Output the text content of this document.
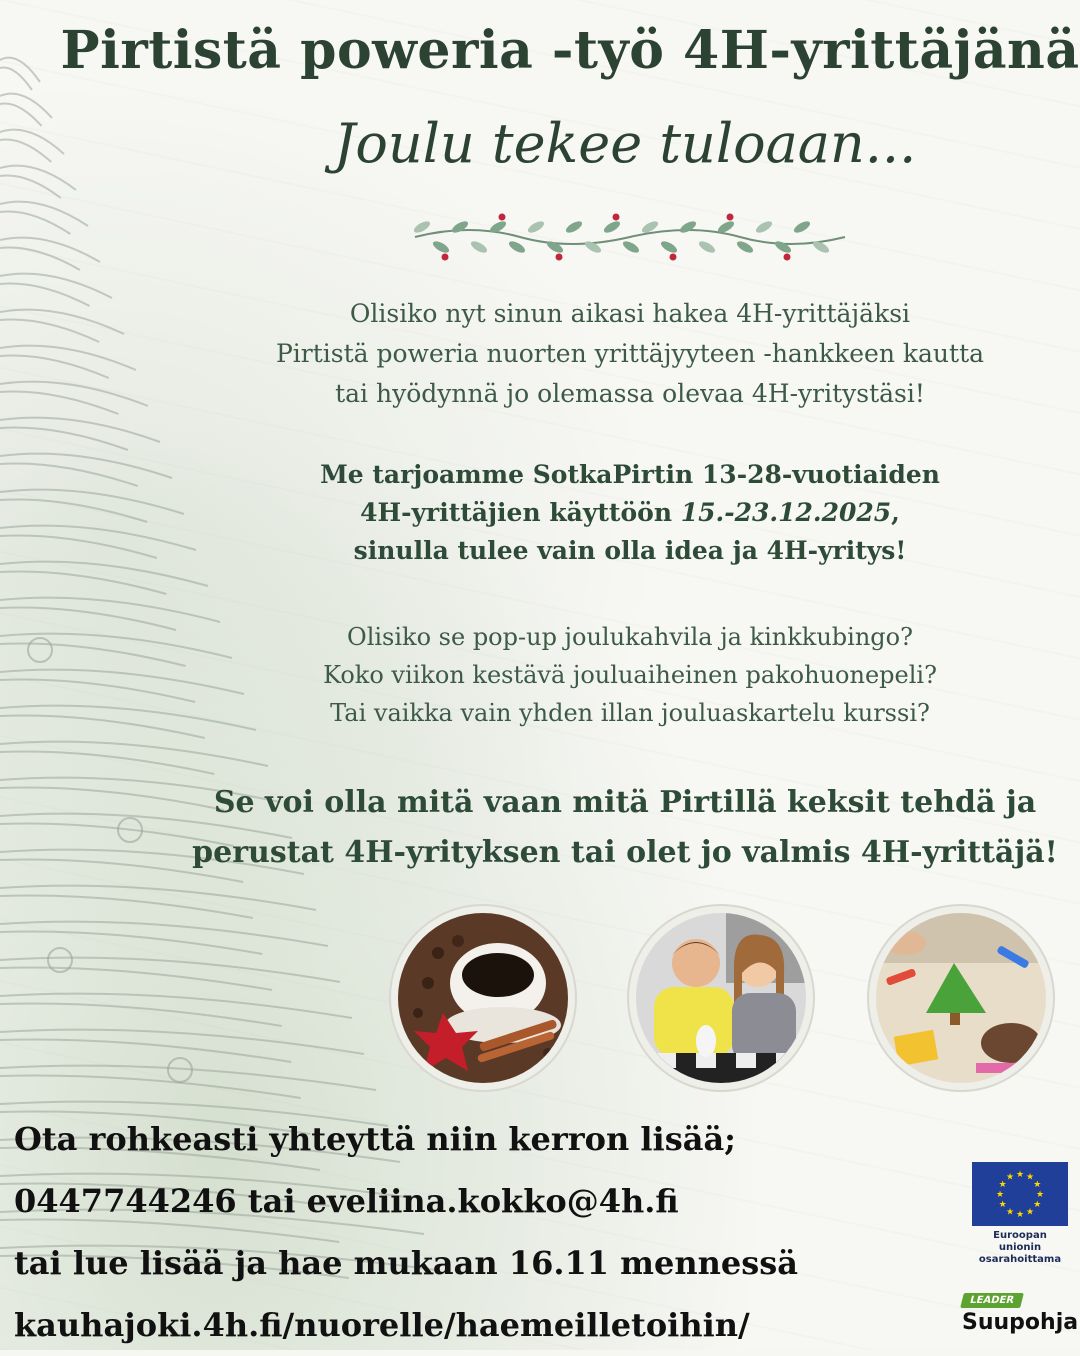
Pirtistä poweria -työ 4H-yrittäjänä
Joulu tekee tuloaan...
Olisiko nyt sinun aikasi hakea 4H-yrittäjäksi
Pirtistä poweria nuorten yrittäjyyteen -hankkeen kautta
tai hyödynnä jo olemassa olevaa 4H-yritystäsi!
Me tarjoamme SotkaPirtin 13-28-vuotiaiden
4H-yrittäjien käyttöön 15.-23.12.2025,
sinulla tulee vain olla idea ja 4H-yritys!
Olisiko se pop-up joulukahvila ja kinkkubingo?
Koko viikon kestävä jouluaiheinen pakohuonepeli?
Tai vaikka vain yhden illan jouluaskartelu kurssi?
Se voi olla mitä vaan mitä Pirtillä keksit tehdä ja
perustat 4H-yrityksen tai olet jo valmis 4H-yrittäjä!
Ota rohkeasti yhteyttä niin kerron lisää;
0447744246 tai eveliina.kokko@4h.fi
tai lue lisää ja hae mukaan 16.11 mennessä
kauhajoki.4h.fi/nuorelle/haemeilletoihin/
★
★
★
★
★
★
★
★
★ ★ ★
★
Euroopan unionin
osarahoittama
LEADER
Suupohja
